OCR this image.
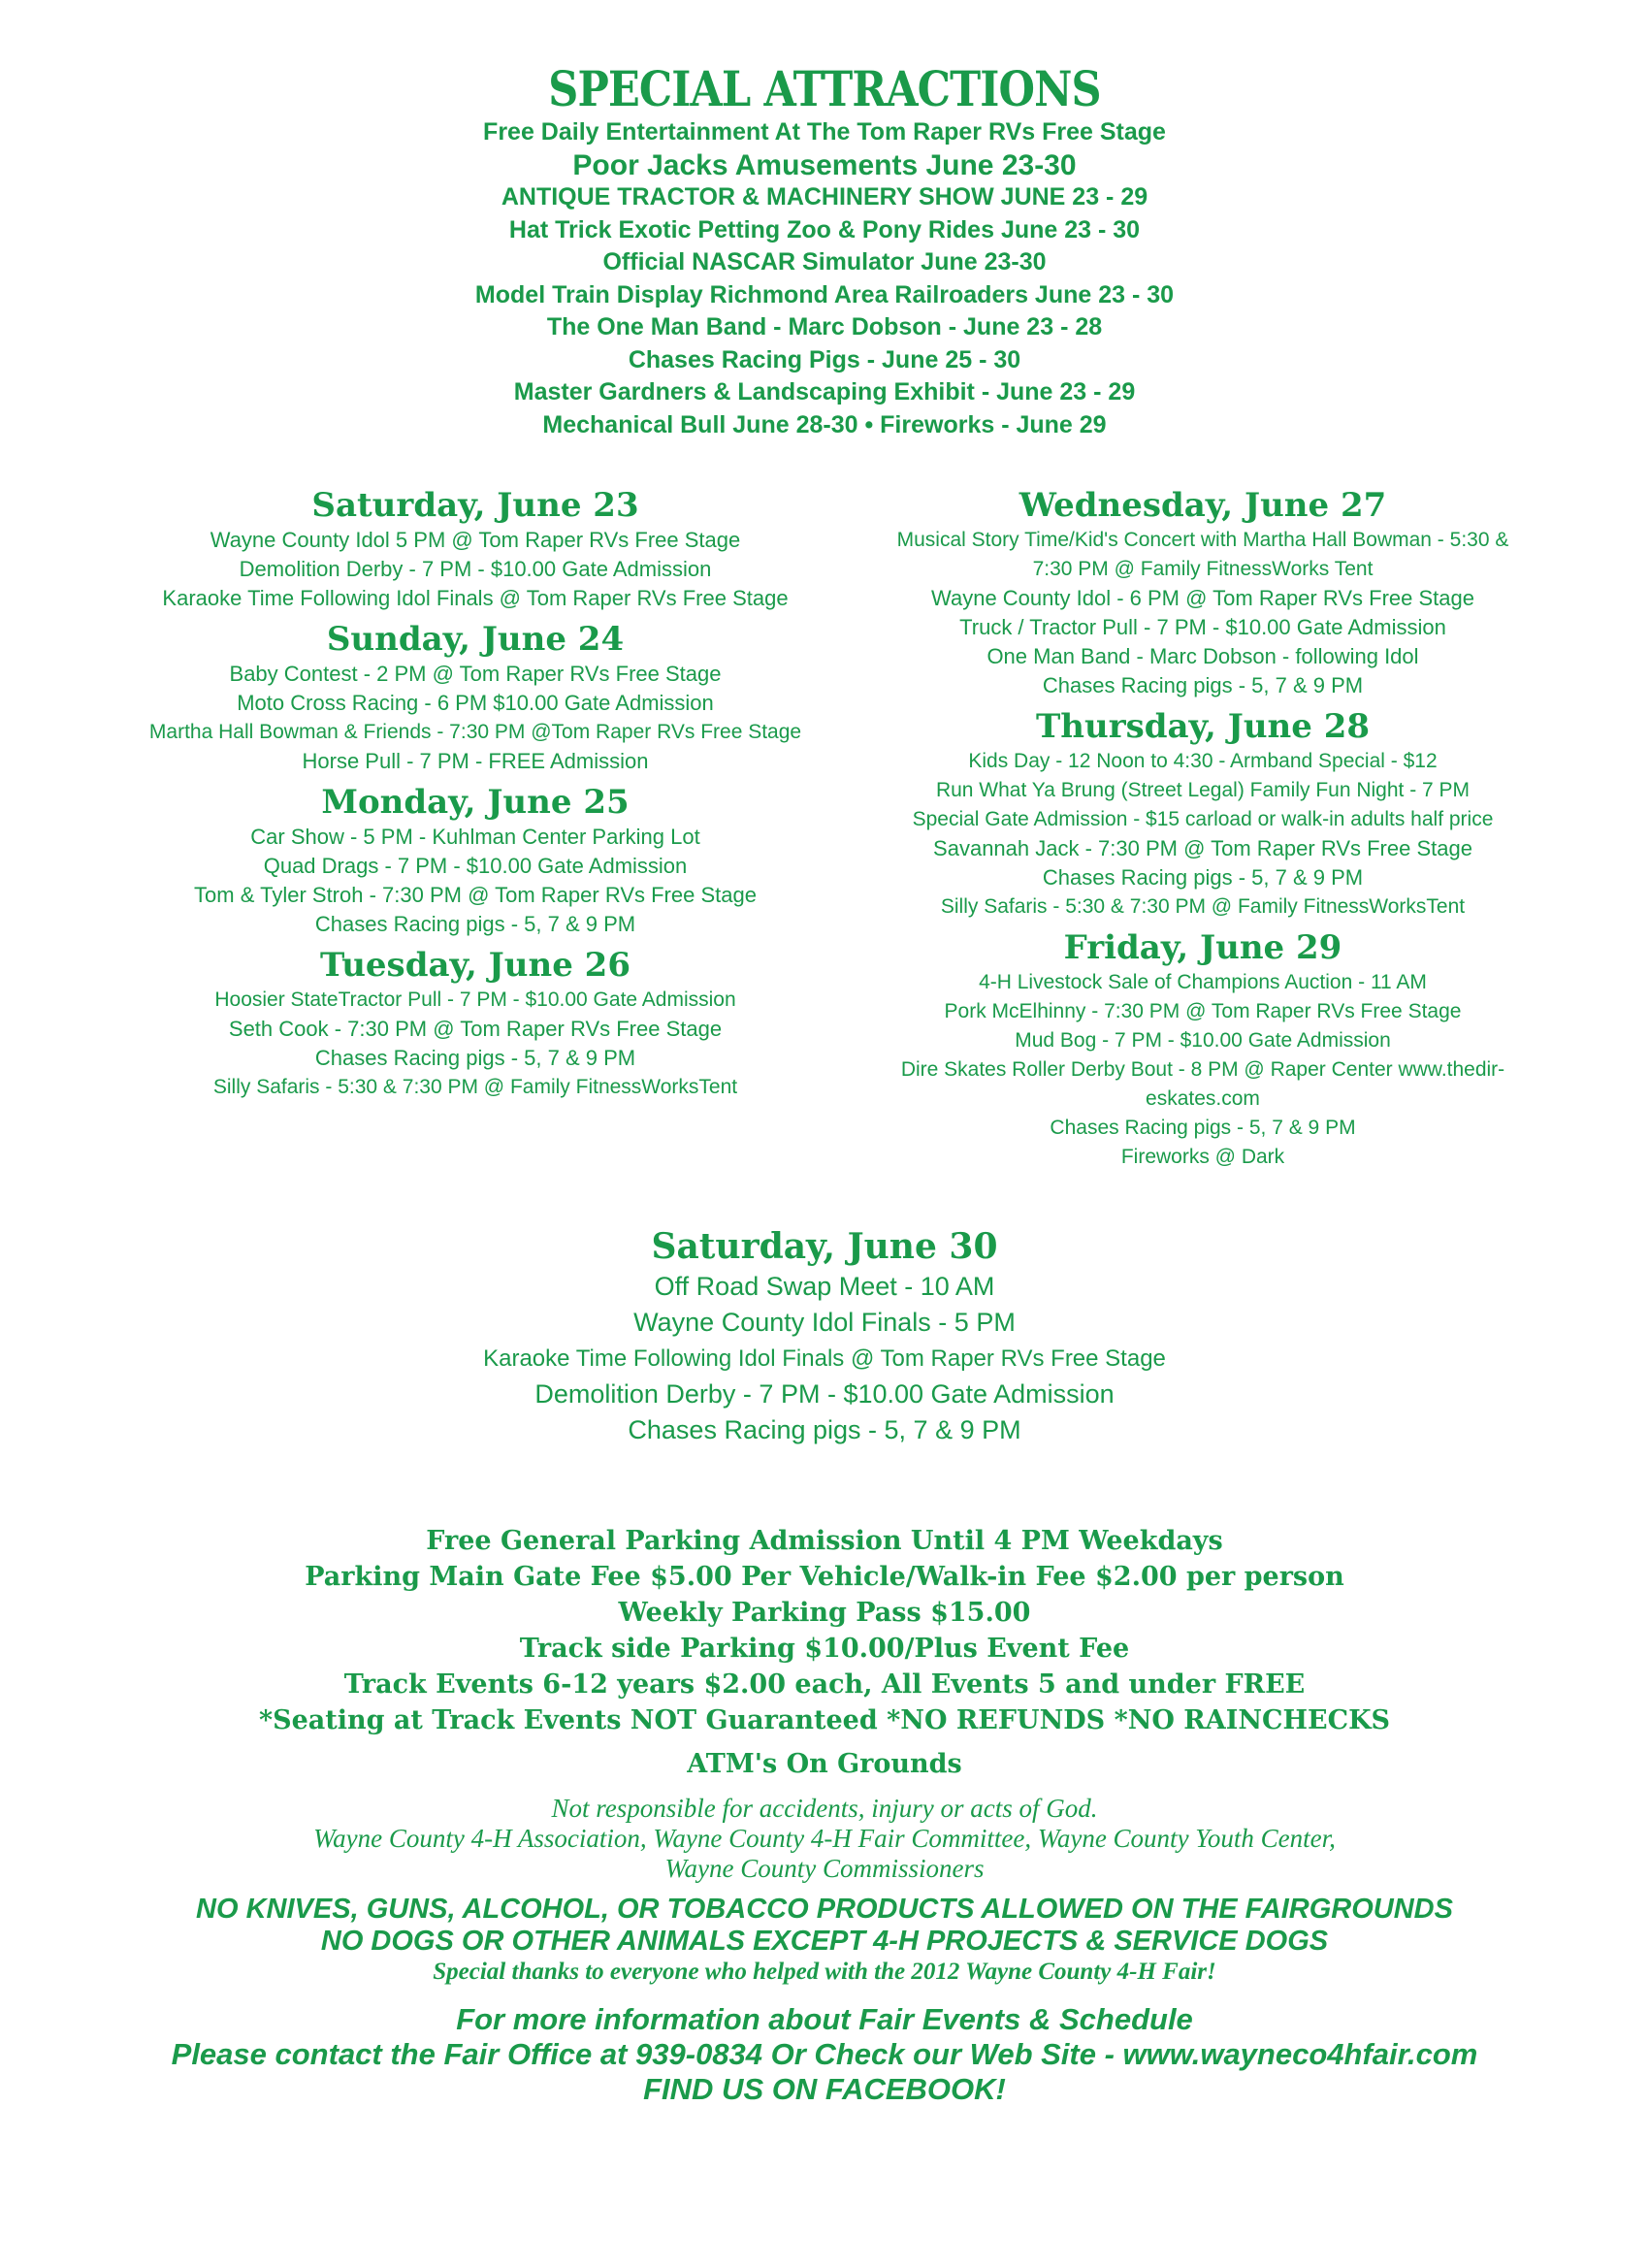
SPECIAL ATTRACTIONS
Free Daily Entertainment At The Tom Raper RVs Free Stage
Poor Jacks Amusements June 23-30
ANTIQUE TRACTOR & MACHINERY SHOW JUNE 23 - 29
Hat Trick Exotic Petting Zoo & Pony Rides June 23 - 30
Official NASCAR Simulator June 23-30
Model Train Display Richmond Area Railroaders June 23 - 30
The One Man Band - Marc Dobson - June 23 - 28
Chases Racing Pigs - June 25 - 30
Master Gardners & Landscaping Exhibit - June 23 - 29
Mechanical Bull June 28-30 • Fireworks - June 29
Saturday, June 23
Wayne County Idol 5 PM @ Tom Raper RVs Free Stage
Demolition Derby - 7 PM - $10.00 Gate Admission
Karaoke Time Following Idol Finals @ Tom Raper RVs Free Stage
Sunday, June 24
Baby Contest - 2 PM @ Tom Raper RVs Free Stage
Moto Cross Racing - 6 PM $10.00 Gate Admission
Martha Hall Bowman & Friends - 7:30 PM @Tom Raper RVs Free Stage
Horse Pull - 7 PM - FREE Admission
Monday, June 25
Car Show - 5 PM - Kuhlman Center Parking Lot
Quad Drags - 7 PM - $10.00 Gate Admission
Tom & Tyler Stroh - 7:30 PM @ Tom Raper RVs Free Stage
Chases Racing pigs - 5, 7 & 9 PM
Tuesday, June 26
Hoosier StateTractor Pull - 7 PM - $10.00 Gate Admission
Seth Cook - 7:30 PM @ Tom Raper RVs Free Stage
Chases Racing pigs - 5, 7 & 9 PM
Silly Safaris - 5:30 & 7:30 PM @ Family FitnessWorksTent
Wednesday, June 27
Musical Story Time/Kid's Concert with Martha Hall Bowman - 5:30 &
7:30 PM @ Family FitnessWorks Tent
Wayne County Idol - 6 PM @ Tom Raper RVs Free Stage
Truck / Tractor Pull - 7 PM - $10.00 Gate Admission
One Man Band - Marc Dobson - following Idol
Chases Racing pigs - 5, 7 & 9 PM
Thursday, June 28
Kids Day - 12 Noon to 4:30 - Armband Special - $12
Run What Ya Brung (Street Legal) Family Fun Night - 7 PM
Special Gate Admission - $15 carload or walk-in adults half price
Savannah Jack - 7:30 PM @ Tom Raper RVs Free Stage
Chases Racing pigs - 5, 7 & 9 PM
Silly Safaris - 5:30 & 7:30 PM @ Family FitnessWorksTent
Friday, June 29
4-H Livestock Sale of Champions Auction - 11 AM
Pork McElhinny - 7:30 PM @ Tom Raper RVs Free Stage
Mud Bog - 7 PM - $10.00 Gate Admission
Dire Skates Roller Derby Bout - 8 PM @ Raper Center www.thedir-
eskates.com
Chases Racing pigs - 5, 7 & 9 PM
Fireworks @ Dark
Saturday, June 30
Off Road Swap Meet - 10 AM
Wayne County Idol Finals - 5 PM
Karaoke Time Following Idol Finals @ Tom Raper RVs Free Stage
Demolition Derby - 7 PM - $10.00 Gate Admission
Chases Racing pigs - 5, 7 & 9 PM
Free General Parking Admission Until 4 PM Weekdays
Parking Main Gate Fee $5.00 Per Vehicle/Walk-in Fee $2.00 per person
Weekly Parking Pass $15.00
Track side Parking $10.00/Plus Event Fee
Track Events 6-12 years $2.00 each, All Events 5 and under FREE
*Seating at Track Events NOT Guaranteed *NO REFUNDS *NO RAINCHECKS
ATM's On Grounds
Not responsible for accidents, injury or acts of God.
Wayne County 4-H Association, Wayne County 4-H Fair Committee, Wayne County Youth Center,
Wayne County Commissioners
NO KNIVES, GUNS, ALCOHOL, OR TOBACCO PRODUCTS ALLOWED ON THE FAIRGROUNDS
NO DOGS OR OTHER ANIMALS EXCEPT 4-H PROJECTS & SERVICE DOGS
Special thanks to everyone who helped with the 2012 Wayne County 4-H Fair!
For more information about Fair Events & Schedule
Please contact the Fair Office at 939-0834 Or Check our Web Site - www.wayneco4hfair.com
FIND US ON FACEBOOK!
